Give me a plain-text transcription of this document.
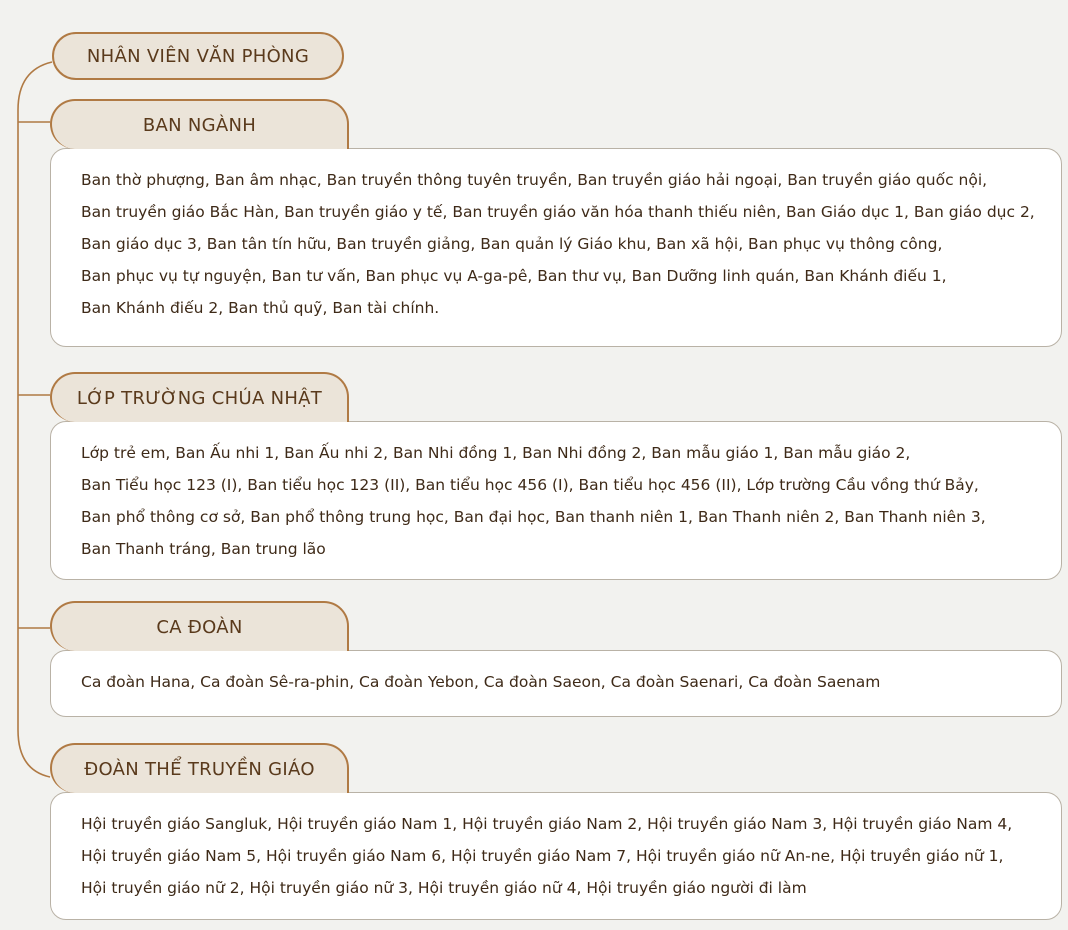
NHÂN VIÊN VĂN PHÒNG
BAN NGÀNH
Ban thờ phượng, Ban âm nhạc, Ban truyền thông tuyên truyền, Ban truyền giáo hải ngoại, Ban truyền giáo quốc nội,
Ban truyền giáo Bắc Hàn, Ban truyền giáo y tế, Ban truyền giáo văn hóa thanh thiếu niên, Ban Giáo dục 1, Ban giáo dục 2,
Ban giáo dục 3, Ban tân tín hữu, Ban truyền giảng, Ban quản lý Giáo khu, Ban xã hội, Ban phục vụ thông công,
Ban phục vụ tự nguyện, Ban tư vấn, Ban phục vụ A-ga-pê, Ban thư vụ, Ban Dưỡng linh quán, Ban Khánh điếu 1,
Ban Khánh điếu 2, Ban thủ quỹ, Ban tài chính.
LỚP TRƯỜNG CHÚA NHẬT
Lớp trẻ em, Ban Ấu nhi 1, Ban Ấu nhi 2, Ban Nhi đồng 1, Ban Nhi đồng 2, Ban mẫu giáo 1, Ban mẫu giáo 2,
Ban Tiểu học 123 (I), Ban tiểu học 123 (II), Ban tiểu học 456 (I), Ban tiểu học 456 (II), Lớp trường Cầu vồng thứ Bảy,
Ban phổ thông cơ sở, Ban phổ thông trung học, Ban đại học, Ban thanh niên 1, Ban Thanh niên 2, Ban Thanh niên 3,
Ban Thanh tráng, Ban trung lão
CA ĐOÀN
Ca đoàn Hana, Ca đoàn Sê-ra-phin, Ca đoàn Yebon, Ca đoàn Saeon, Ca đoàn Saenari, Ca đoàn Saenam
ĐOÀN THỂ TRUYỀN GIÁO
Hội truyền giáo Sangluk, Hội truyền giáo Nam 1, Hội truyền giáo Nam 2, Hội truyền giáo Nam 3, Hội truyền giáo Nam 4,
Hội truyền giáo Nam 5, Hội truyền giáo Nam 6, Hội truyền giáo Nam 7, Hội truyền giáo nữ An-ne, Hội truyền giáo nữ 1,
Hội truyền giáo nữ 2, Hội truyền giáo nữ 3, Hội truyền giáo nữ 4, Hội truyền giáo người đi làm
